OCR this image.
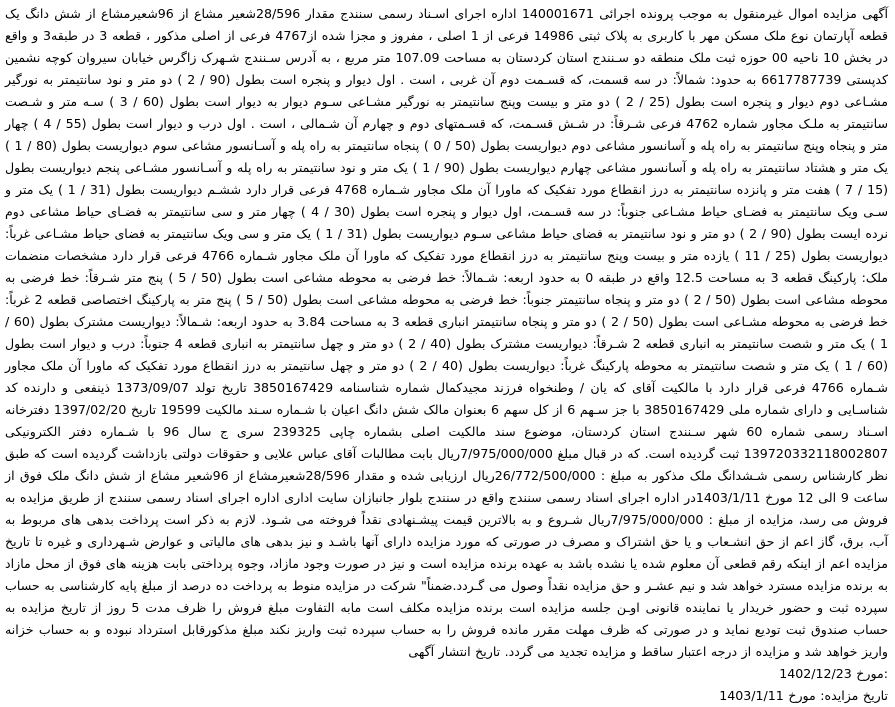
آگهی مزایده اموال غیرمنقول به موجب پرونده اجرائی 140001671 اداره اجرای اسـناد رسمی سنندج مقدار 28/596شعیر مشاع از 96شعیرمشاع از شش دانگ یک قطعه آپارتمان نوع ملک مسکن مهر با کاربری به پلاک ثبتی 14986 فرعی از 1 اصلی ، مفروز و مجزا شده از4767 فرعی از اصلی مذکور ، قطعه 3 در طبقه3 و واقع در بخش 10 ناحیه 00 حوزه ثبت ملک منطقه دو سـنندج استان کردستان به مساحت 107.09 متر مربع ، به آدرس سـنندج شـهرک زاگرس خیابان سیروان کوچه نشمین کدپستی 6617787739 به حدود: شمالاً: در سه قسمت، که قسـمت دوم آن غربی ، است . اول دیوار و پنجره است بطول (90 / 2 ) دو متر و نود سانتیمتر به نورگیر مشـاعی دوم دیوار و پنجره است بطول (25 / 2 ) دو متر و بیست وپنج سانتیمتر به نورگیر مشـاعی سـوم دیوار به دیوار است بطول (60 / 3 ) سـه متر و شـصت سانتیمتر به ملـک مجاور شماره 4762 فرعی شـرقاً: در شـش قسـمت، که قسـمتهای دوم و چهارم آن شـمالی ، است . اول درب و دیوار است بطول (55 / 4 ) چهار متر و پنجاه وپنج سانتیمتر به راه پله و آسانسور مشاعی دوم دیواریست بطول (50 / 0 ) پنجاه سانتیمتر به راه پله و آسـانسور مشاعی سوم دیواریست بطول (80 / 1 ) یک متر و هشتاد سانتیمتر به راه پله و آسانسور مشاعی چهارم دیواریست بطول (90 / 1 ) یک متر و نود سانتیمتر به راه پله و آسـانسور مشـاعی پنجم دیواریست بطول (15 / 7 ) هفت متر و پانزده سانتیمتر به درز انقطاع مورد تفکیک که ماورا آن ملک مجاور شـماره 4768 فرعی قرار دارد ششـم دیواریست بطول (31 / 1 ) یک متر و سـی ویک سانتیمتر به فضـای حیاط مشـاعی جنوباً: در سه قسـمت، اول دیوار و پنجره است بطول (30 / 4 ) چهار متر و سی سانتیمتر به فضـای حیاط مشاعی دوم نرده ایست بطول (90 / 2 ) دو متر و نود سانتیمتر به فضای حیاط مشاعی سـوم دیواریست بطول (31 / 1 ) یک متر و سی ویک سانتیمتر به فضای حیاط مشـاعی غرباً: دیواریست بطول (25 / 11 ) یازده متر و بیست وپنج سانتیمتر به درز انقطاع مورد تفکیک که ماورا آن ملک مجاور شـماره 4766 فرعی قرار دارد مشخصات منضمات ملک: پارکینگ قطعه 3 به مساحت 12.5 واقع در طبقه 0 به حدود اربعه: شـمالاً: خط فرضی به محوطه مشاعی است بطول (50 / 5 ) پنج متر شـرقاً: خط فرضی به محوطه مشاعی است بطول (50 / 2 ) دو متر و پنجاه سانتیمتر جنوباً: خط فرضی به محوطه مشاعی است بطول (50 / 5 ) پنج متر به پارکینگ اختصاصی قطعه 2 غرباً: خط فرضی به محوطه مشـاعی است بطول (50 / 2 ) دو متر و پنجاه سانتیمتر انباری قطعه 3 به مساحت 3.84 به حدود اربعه: شـمالاً: دیواریست مشترک بطول (60 / 1 ) یک متر و شصت سانتیمتر به انباری قطعه 2 شـرقاً: دیواریست مشترک بطول (40 / 2 ) دو متر و چهل سانتیمتر به انباری قطعه 4 جنوباً: درب و دیوار است بطول (60 / 1 ) یک متر و شصت سانتیمتر به محوطه پارکینگ غرباً: دیواریست بطول (40 / 2 ) دو متر و چهل سانتیمتر به درز انقطاع مورد تفکیک که ماورا آن ملک مجاور شـماره 4766 فرعی قرار دارد با مالکیت آقای که یان / وطنخواه فرزند مجیدکمال شماره شناسنامه 3850167429 تاریخ تولد 1373/09/07 ذینفعی و دارنده کد شناسـایی و دارای شماره ملی 3850167429 با جز سـهم 6 از کل سهم 6 بعنوان مالک شش دانگ اعیان با شـماره سـند مالکیت 19599 تاریخ 1397/02/20 دفترخانه اسـناد رسمی شماره 60 شهر سـنندج استان کردستان، موضوع سند مالکیت اصلی بشماره چاپی 239325 سری ج سال 96 با شـماره دفتر الکترونیکی 139720332118002807 ثبت گردیده است. که در قبال مبلغ 7/975/000/000ریال بابت مطالبات آقای عباس علایی و حقوقات دولتی بازداشت گردیده است که طبق نظر کارشناس رسمی شـشدانگ ملک مذکور به مبلغ : 26/772/500/000ریال ارزیابی شده و مقدار 28/596شعیرمشاع از 96شعیر مشاع از شش دانگ ملک فوق از ساعت 9 الی 12 مورخ 1403/1/11در اداره اجرای اسناد رسمی سنندج واقع در سنندج بلوار جانبازان سایت اداری اداره اجرای اسناد رسمی سنندج از طریق مزایده به فروش می رسد، مزایده از مبلغ : 7/975/000/000ریال شـروع و به بالاترین قیمت پیشـنهادی نقداً فروخته می شـود. لازم به ذکر است پرداخت بدهی های مربوط به آب، برق، گاز اعم از حق انشـعاب و یا حق اشتراک و مصرف در صورتی که مورد مزایده دارای آنها باشـد و نیز بدهی های مالیاتی و عوارض شـهرداری و غیره تا تاریخ مزایده اعم از اینکه رقم قطعی آن معلوم شده یا نشده باشد به عهده برنده مزایده است و نیز در صورت وجود مازاد، وجوه پرداختی بابت هزینه های فوق از محل مازاد به برنده مزایده مسترد خواهد شد و نیم عشـر و حق مزایده نقداً وصول می گـردد.ضمناً" شرکت در مزایده منوط به پرداخت ده درصد از مبلغ پایه کارشناسی به حساب سپرده ثبت و حضور خریدار یا نماینده قانونی اوـن جلسه مزایده است برنده مزایده مکلف است مابه التفاوت مبلغ فروش را ظرف مدت 5 روز از تاریخ مزایده به حساب صندوق ثبت تودیع نماید و در صورتی که ظرف مهلت مقرر مانده فروش را به حساب سپرده ثبت واریز نکند مبلغ مذکورقابل استرداد نبوده و به حساب خزانه واریز خواهد شد و مزایده از درجه اعتبار ساقط و مزایده تجدید می گردد. تاریخ انتشار آگهی

:مورخ 1402/12/23
تاریخ مزایده: مورخ 1403/1/11
